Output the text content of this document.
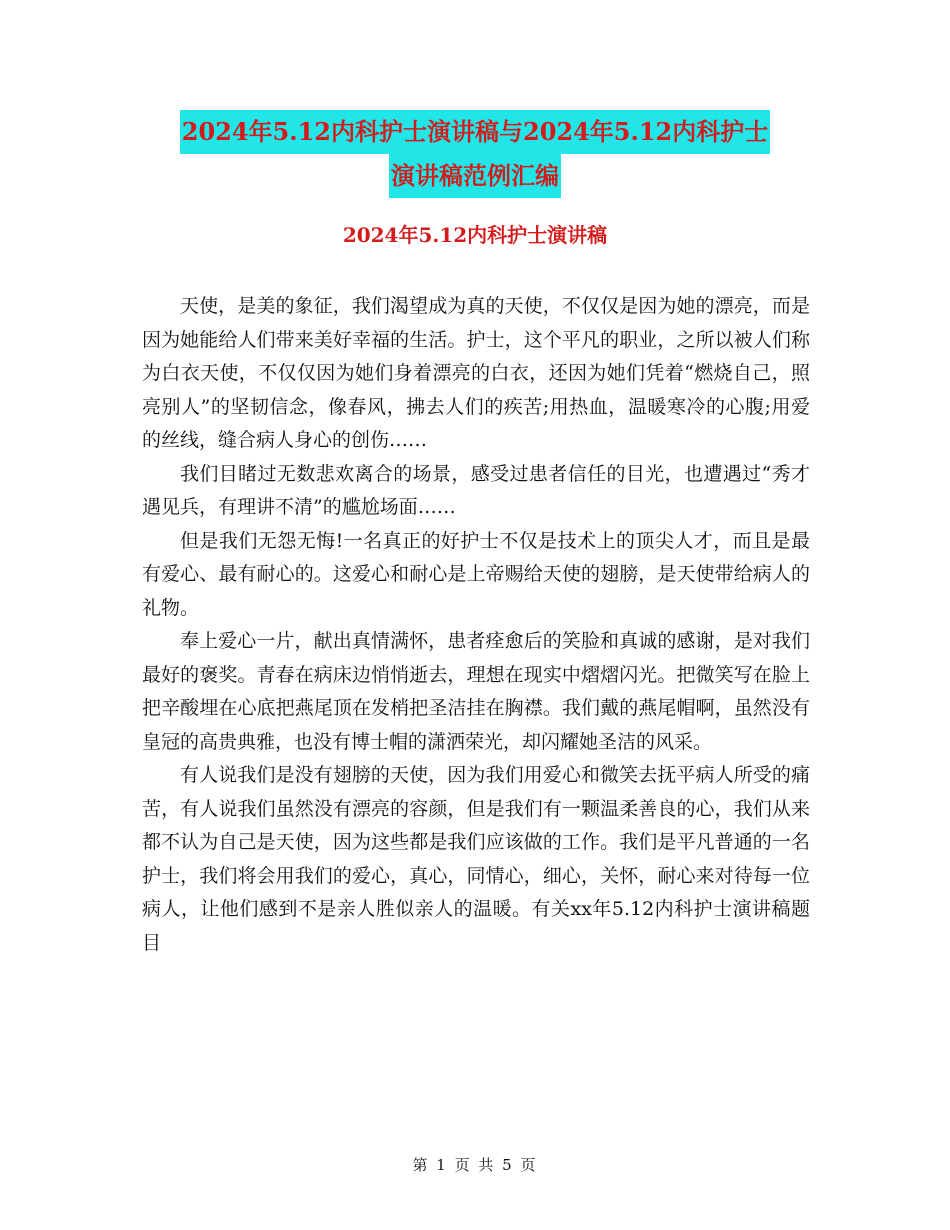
2024年5.12内科护士演讲稿与2024年5.12内科护士
演讲稿范例汇编
2024年5.12内科护士演讲稿

天使，是美的象征，我们渴望成为真的天使，不仅仅是因为她的漂亮，而是因为她能给人们带来美好幸福的生活。护士，这个平凡的职业，之所以被人们称为白衣天使，不仅仅因为她们身着漂亮的白衣，还因为她们凭着“燃烧自己，照亮别人”的坚韧信念，像春风，拂去人们的疾苦;用热血，温暖寒冷的心腹;用爱的丝线，缝合病人身心的创伤……

我们目睹过无数悲欢离合的场景，感受过患者信任的目光，也遭遇过“秀才遇见兵，有理讲不清”的尴尬场面……

但是我们无怨无悔!一名真正的好护士不仅是技术上的顶尖人才，而且是最有爱心、最有耐心的。这爱心和耐心是上帝赐给天使的翅膀，是天使带给病人的礼物。

奉上爱心一片，献出真情满怀，患者痊愈后的笑脸和真诚的感谢，是对我们最好的褒奖。青春在病床边悄悄逝去，理想在现实中熠熠闪光。把微笑写在脸上把辛酸埋在心底把燕尾顶在发梢把圣洁挂在胸襟。我们戴的燕尾帽啊，虽然没有皇冠的高贵典雅，也没有博士帽的潇洒荣光，却闪耀她圣洁的风采。

有人说我们是没有翅膀的天使，因为我们用爱心和微笑去抚平病人所受的痛苦，有人说我们虽然没有漂亮的容颜，但是我们有一颗温柔善良的心，我们从来都不认为自己是天使，因为这些都是我们应该做的工作。我们是平凡普通的一名护士，我们将会用我们的爱心，真心，同情心，细心，关怀，耐心来对待每一位病人，让他们感到不是亲人胜似亲人的温暖。有关xx年5.12内科护士演讲稿题目

第 1 页 共 5 页
